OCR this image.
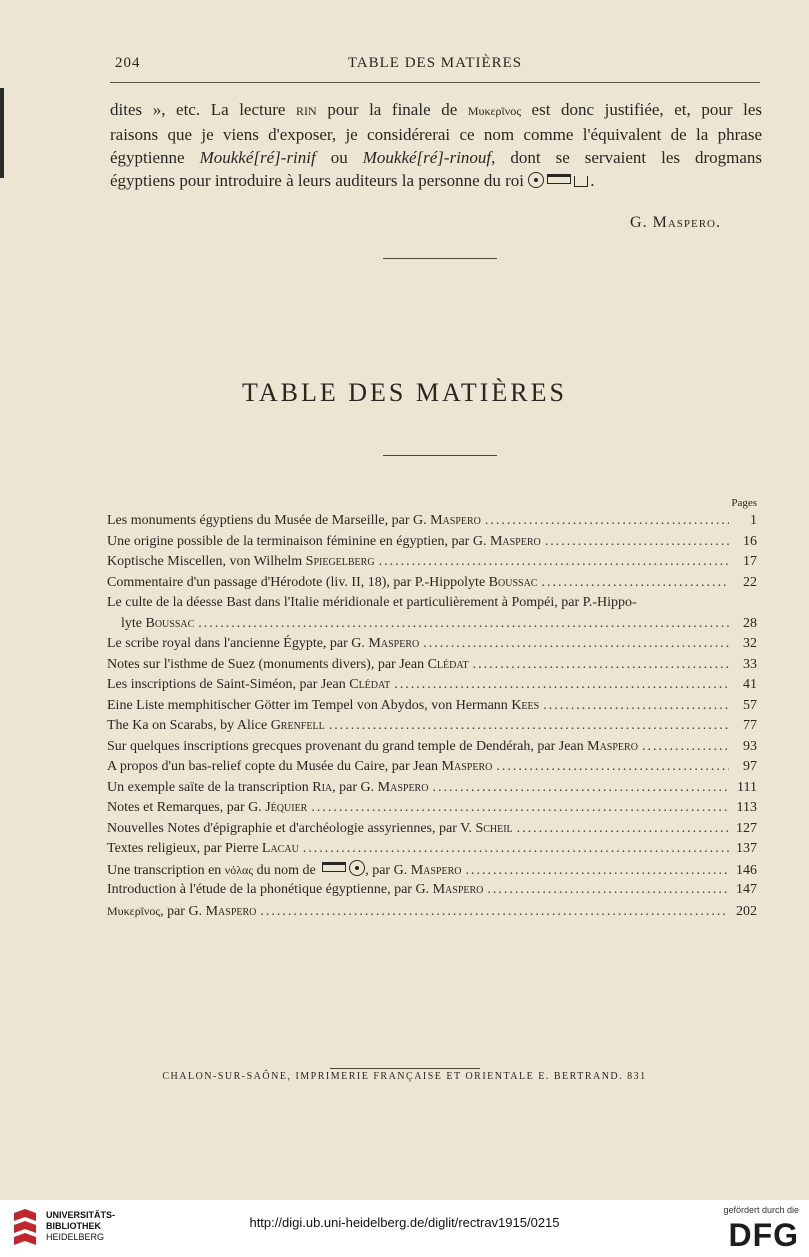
204	TABLE DES MATIÈRES
dites », etc. La lecture rin pour la finale de Μυκερῖνος est donc justifiée, et, pour les
raisons que je viens d'exposer, je considérerai ce nom comme l'équivalent de la phrase
égyptienne Moukké[ré]-rinif ou Moukké[ré]-rinouf, dont se servaient les drogmans
égyptiens pour introduire à leurs auditeurs la personne du roi	.
G. Maspero.
TABLE DES MATIÈRES
Pages
Les monuments égyptiens du Musée de Marseille, par G. Maspero .....	1
Une origine possible de la terminaison féminine en égyptien, par G. Maspero .....	16
Koptische Miscellen, von Wilhelm Spiegelberg .....	17
Commentaire d'un passage d'Hérodote (liv. II, 18), par P.-Hippolyte Boussac .....	22
Le culte de la déesse Bast dans l'Italie méridionale et particulièrement à Pompéi, par P.-Hippo-
lyte Boussac .....	28
Le scribe royal dans l'ancienne Égypte, par G. Maspero .....	32
Notes sur l'isthme de Suez (monuments divers), par Jean Clédat .....	33
Les inscriptions de Saint-Siméon, par Jean Clédat .....	41
Eine Liste memphitischer Götter im Tempel von Abydos, von Hermann Kees .....	57
The Ka on Scarabs, by Alice Grenfell .....	77
Sur quelques inscriptions grecques provenant du grand temple de Dendérah, par Jean Maspero .....	93
A propos d'un bas-relief copte du Musée du Caire, par Jean Maspero .....	97
Un exemple saïte de la transcription Ria, par G. Maspero .....	111
Notes et Remarques, par G. Jéquier .....	113
Nouvelles Notes d'épigraphie et d'archéologie assyriennes, par V. Scheil .....	127
Textes religieux, par Pierre Lacau .....	137
Une transcription en νόλας du nom de	, par G. Maspero .....	146
Introduction à l'étude de la phonétique égyptienne, par G. Maspero .....	147
Μυκερῖνος, par G. Maspero .....	202
CHALON-SUR-SAÔNE, IMPRIMERIE FRANÇAISE ET ORIENTALE E. BERTRAND. 831
UNIVERSITÄTS-
BIBLIOTHEK
HEIDELBERG
http://digi.ub.uni-heidelberg.de/diglit/rectrav1915/0215
gefördert durch die
DFG
